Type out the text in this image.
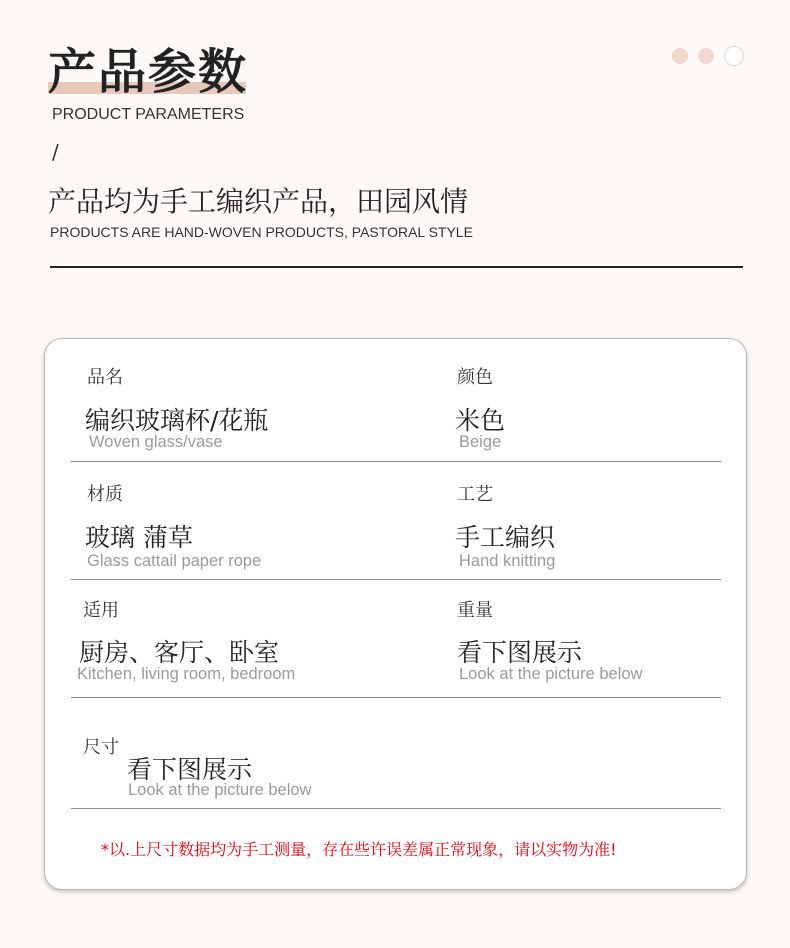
产品参数
PRODUCT PARAMETERS
/
产品均为手工编织产品，田园风情
PRODUCTS ARE HAND-WOVEN PRODUCTS, PASTORAL STYLE
品名
编织玻璃杯/花瓶
Woven glass/vase
颜色
米色
Beige
材质
玻璃 蒲草
Glass cattail paper rope
工艺
手工编织
Hand knitting
适用
厨房、客厅、卧室
Kitchen, living room, bedroom
重量
看下图展示
Look at the picture below
尺寸
看下图展示
Look at the picture below
*以.上尺寸数据均为手工测量，存在些许误差属正常现象，请以实物为准!
